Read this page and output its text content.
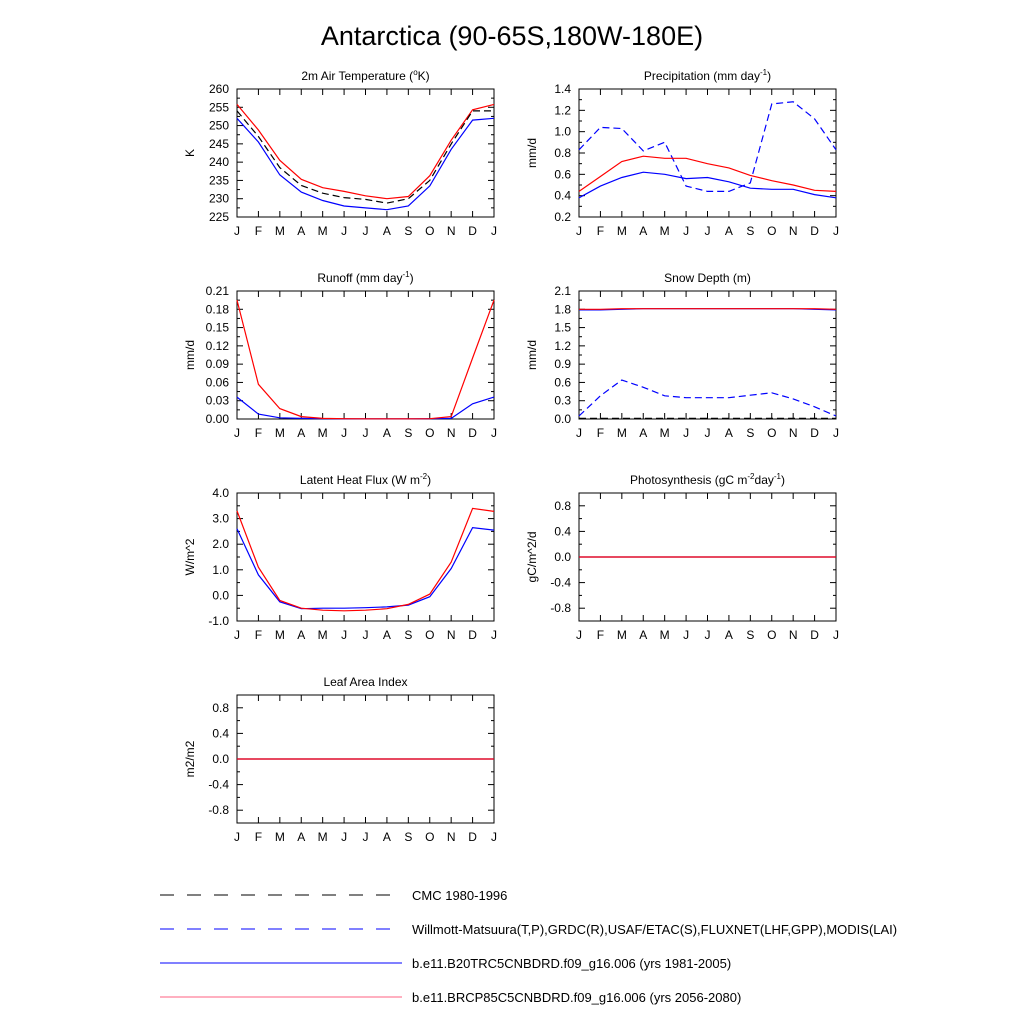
Antarctica (90-65S,180W-180E)
2m Air Temperature ($^o$K)
J F M A M J J A S O N D J
225
230
235
240
245
250
255
260
K
Precipitation (mm day$^{-1}$)
J F M A M J J A S O N D J
0.2
0.4
0.6
0.8
1.0
1.2
1.4
mm/d
Runoff (mm day$^{-1}$)
J F M A M J J A S O N D J
0.00
0.03
0.06
0.09
0.12
0.15
0.18
0.21
mm/d
Snow Depth (m)
J F M A M J J A S O N D J
0.0
0.3
0.6
0.9
1.2
1.5
1.8
2.1
mm/d
Latent Heat Flux (W $m^{-2}$)
J F M A M J J A S O N D J
-1.0
0.0
1.0
2.0
3.0
4.0
W/m^2
Photosynthesis (gC $m^{-2}day^{-1}$)
J F M A M J J A S O N D J
-0.8
-0.4
0.0
0.4
0.8
gC/m^2/d
Leaf Area Index
J F M A M J J A S O N D J
-0.8
-0.4
0.0
0.4
0.8
m2/m2
CMC 1980-1996
Willmott-Matsuura(T,P),GRDC(R),USAF/ETAC(S),FLUXNET(LHF,GPP),MODIS(LAI)
b.e11.B20TRC5CNBDRD.f09_g16.006 (yrs 1981-2005)
b.e11.BRCP85C5CNBDRD.f09_g16.006 (yrs 2056-2080)
